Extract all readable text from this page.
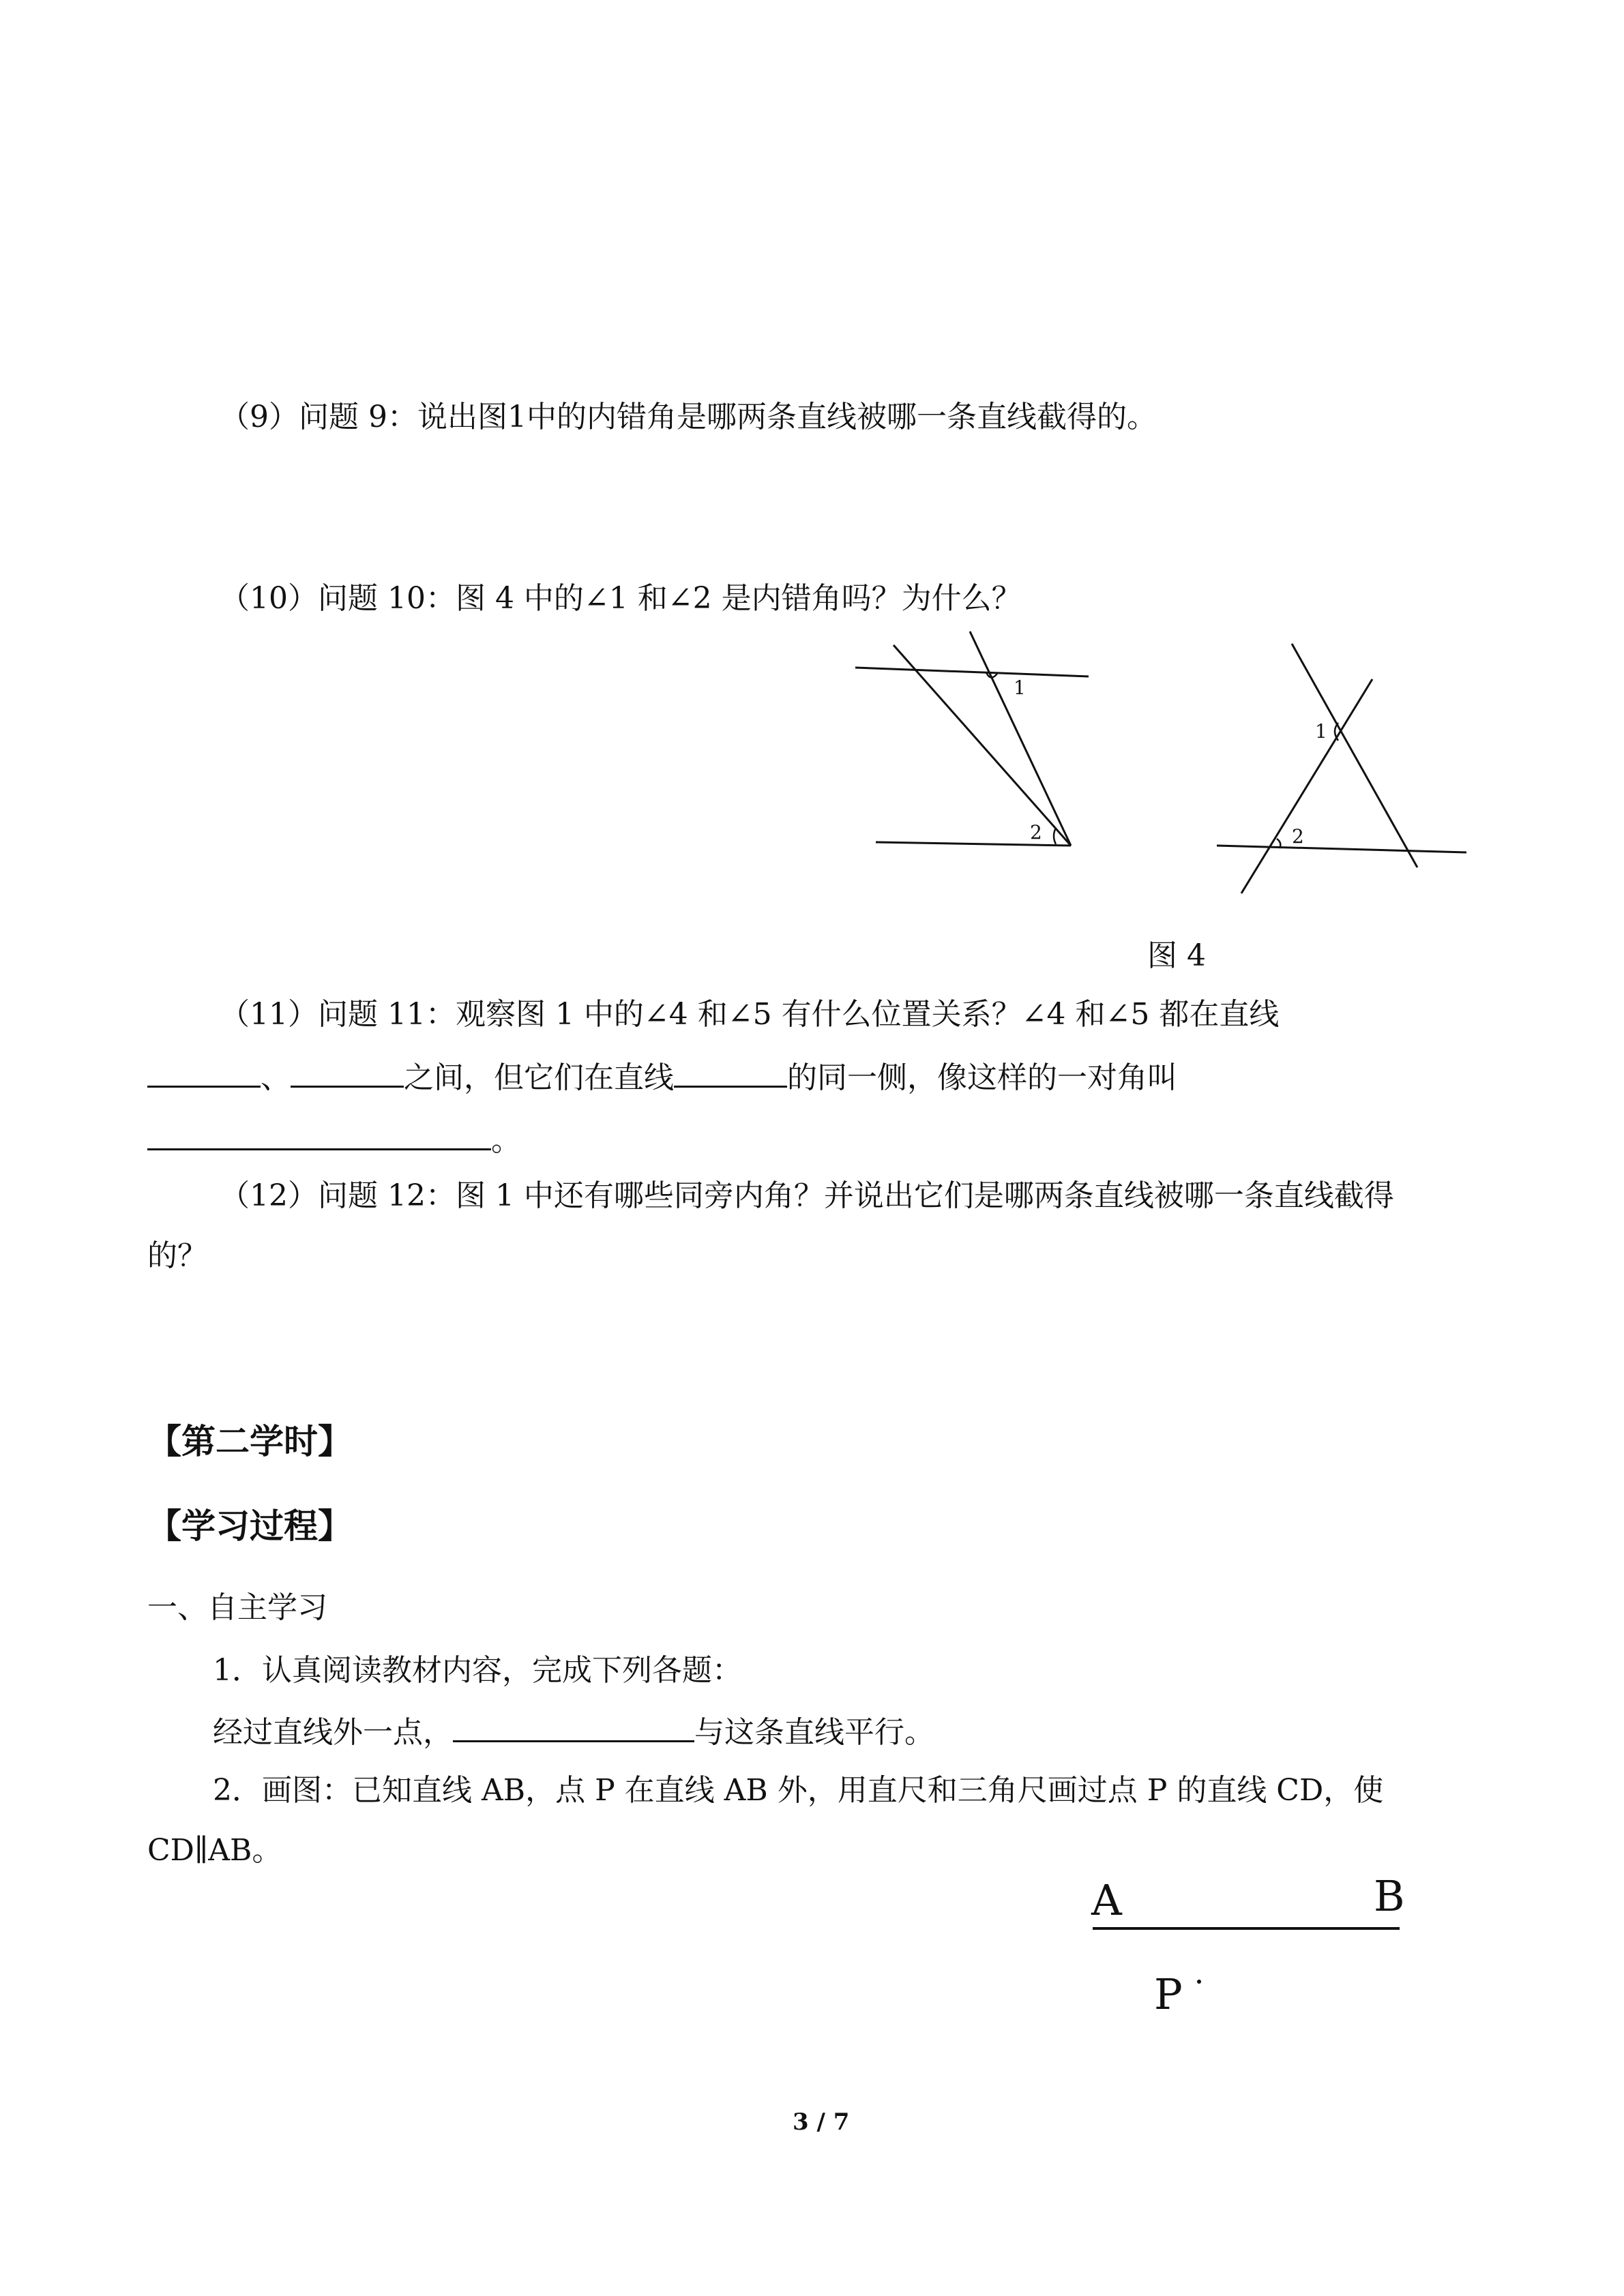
（9）问题 9：说出图1中的内错角是哪两条直线被哪一条直线截得的。
（10）问题 10：图 4 中的∠1 和∠2 是内错角吗？为什么？
1
2
1
2
图 4
（11）问题 11：观察图 1 中的∠4 和∠5 有什么位置关系？∠4 和∠5 都在直线
、	之间，但它们在直线	的同一侧，像这样的一对角叫
。
（12）问题 12：图 1 中还有哪些同旁内角？并说出它们是哪两条直线被哪一条直线截得
的？
【第二学时】
【学习过程】
一、自主学习
1．认真阅读教材内容，完成下列各题：
经过直线外一点，	与这条直线平行。
2．画图：已知直线 AB，点 P 在直线 AB 外，用直尺和三角尺画过点 P 的直线 CD，使
CD∥AB。
A	B
P
3 / 7
